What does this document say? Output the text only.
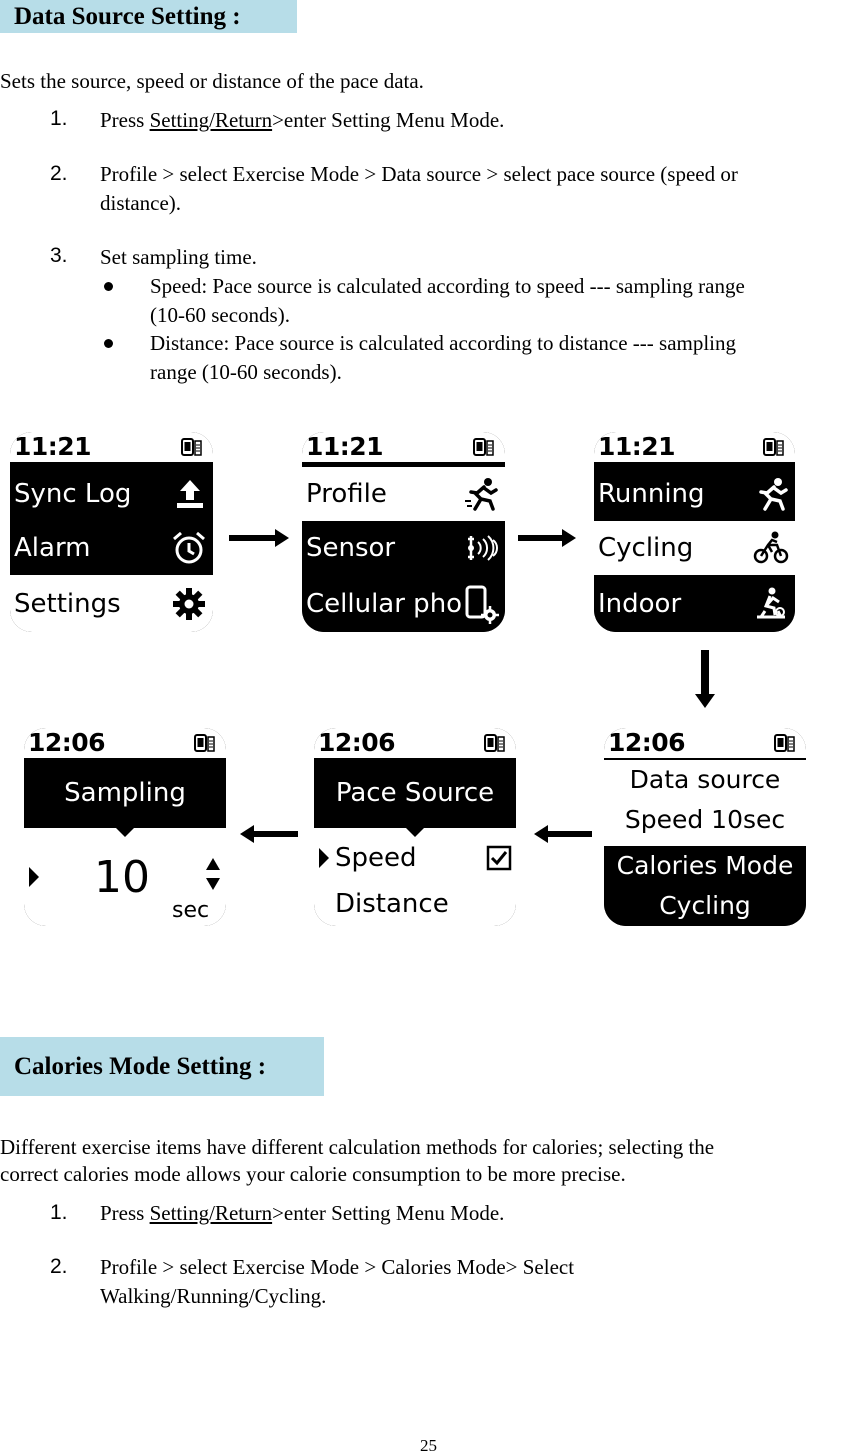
Data Source Setting :
Sets the source, speed or distance of the pace data.
1. Press Setting/Return>enter Setting Menu Mode.
2. Profile > select Exercise Mode > Data source > select pace source (speed or
distance).
3. Set sampling time.
Speed: Pace source is calculated according to speed --- sampling range
(10-60 seconds).
Distance: Pace source is calculated according to distance --- sampling
range (10-60 seconds).
11:21
Sync Log
Alarm
Settings
11:21
Profile
Sensor
Cellular pho
11:21
Running
Cycling
Indoor
12:06
Data source
Speed 10sec
Calories Mode
Cycling
12:06
Pace Source
Speed
Distance
12:06
Sampling
10
sec
Calories Mode Setting :
Different exercise items have different calculation methods for calories; selecting the
correct calories mode allows your calorie consumption to be more precise.
1. Press Setting/Return>enter Setting Menu Mode.
2. Profile > select Exercise Mode > Calories Mode> Select
Walking/Running/Cycling.
25
